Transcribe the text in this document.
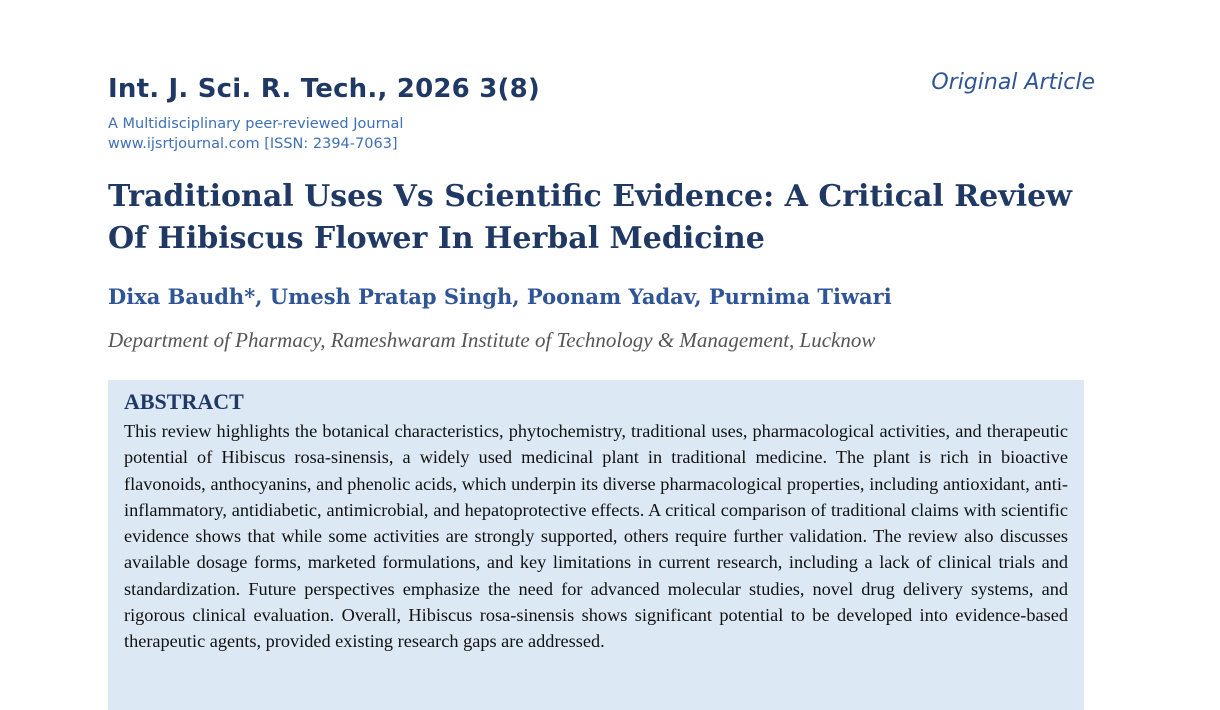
Int. J. Sci. R. Tech., 2026 3(8)
A Multidisciplinary peer-reviewed Journal
www.ijsrtjournal.com [ISSN: 2394-7063]
Original Article
Traditional Uses Vs Scientific Evidence: A Critical Review Of Hibiscus Flower In Herbal Medicine
Dixa Baudh*, Umesh Pratap Singh, Poonam Yadav, Purnima Tiwari
Department of Pharmacy, Rameshwaram Institute of Technology & Management, Lucknow
ABSTRACT

This review highlights the botanical characteristics, phytochemistry, traditional uses, pharmacological activities, and therapeutic potential of Hibiscus rosa-sinensis, a widely used medicinal plant in traditional medicine. The plant is rich in bioactive flavonoids, anthocyanins, and phenolic acids, which underpin its diverse pharmacological properties, including antioxidant, anti-inflammatory, antidiabetic, antimicrobial, and hepatoprotective effects. A critical comparison of traditional claims with scientific evidence shows that while some activities are strongly supported, others require further validation. The review also discusses available dosage forms, marketed formulations, and key limitations in current research, including a lack of clinical trials and standardization. Future perspectives emphasize the need for advanced molecular studies, novel drug delivery systems, and rigorous clinical evaluation. Overall, Hibiscus rosa-sinensis shows significant potential to be developed into evidence-based therapeutic agents, provided existing research gaps are addressed.
